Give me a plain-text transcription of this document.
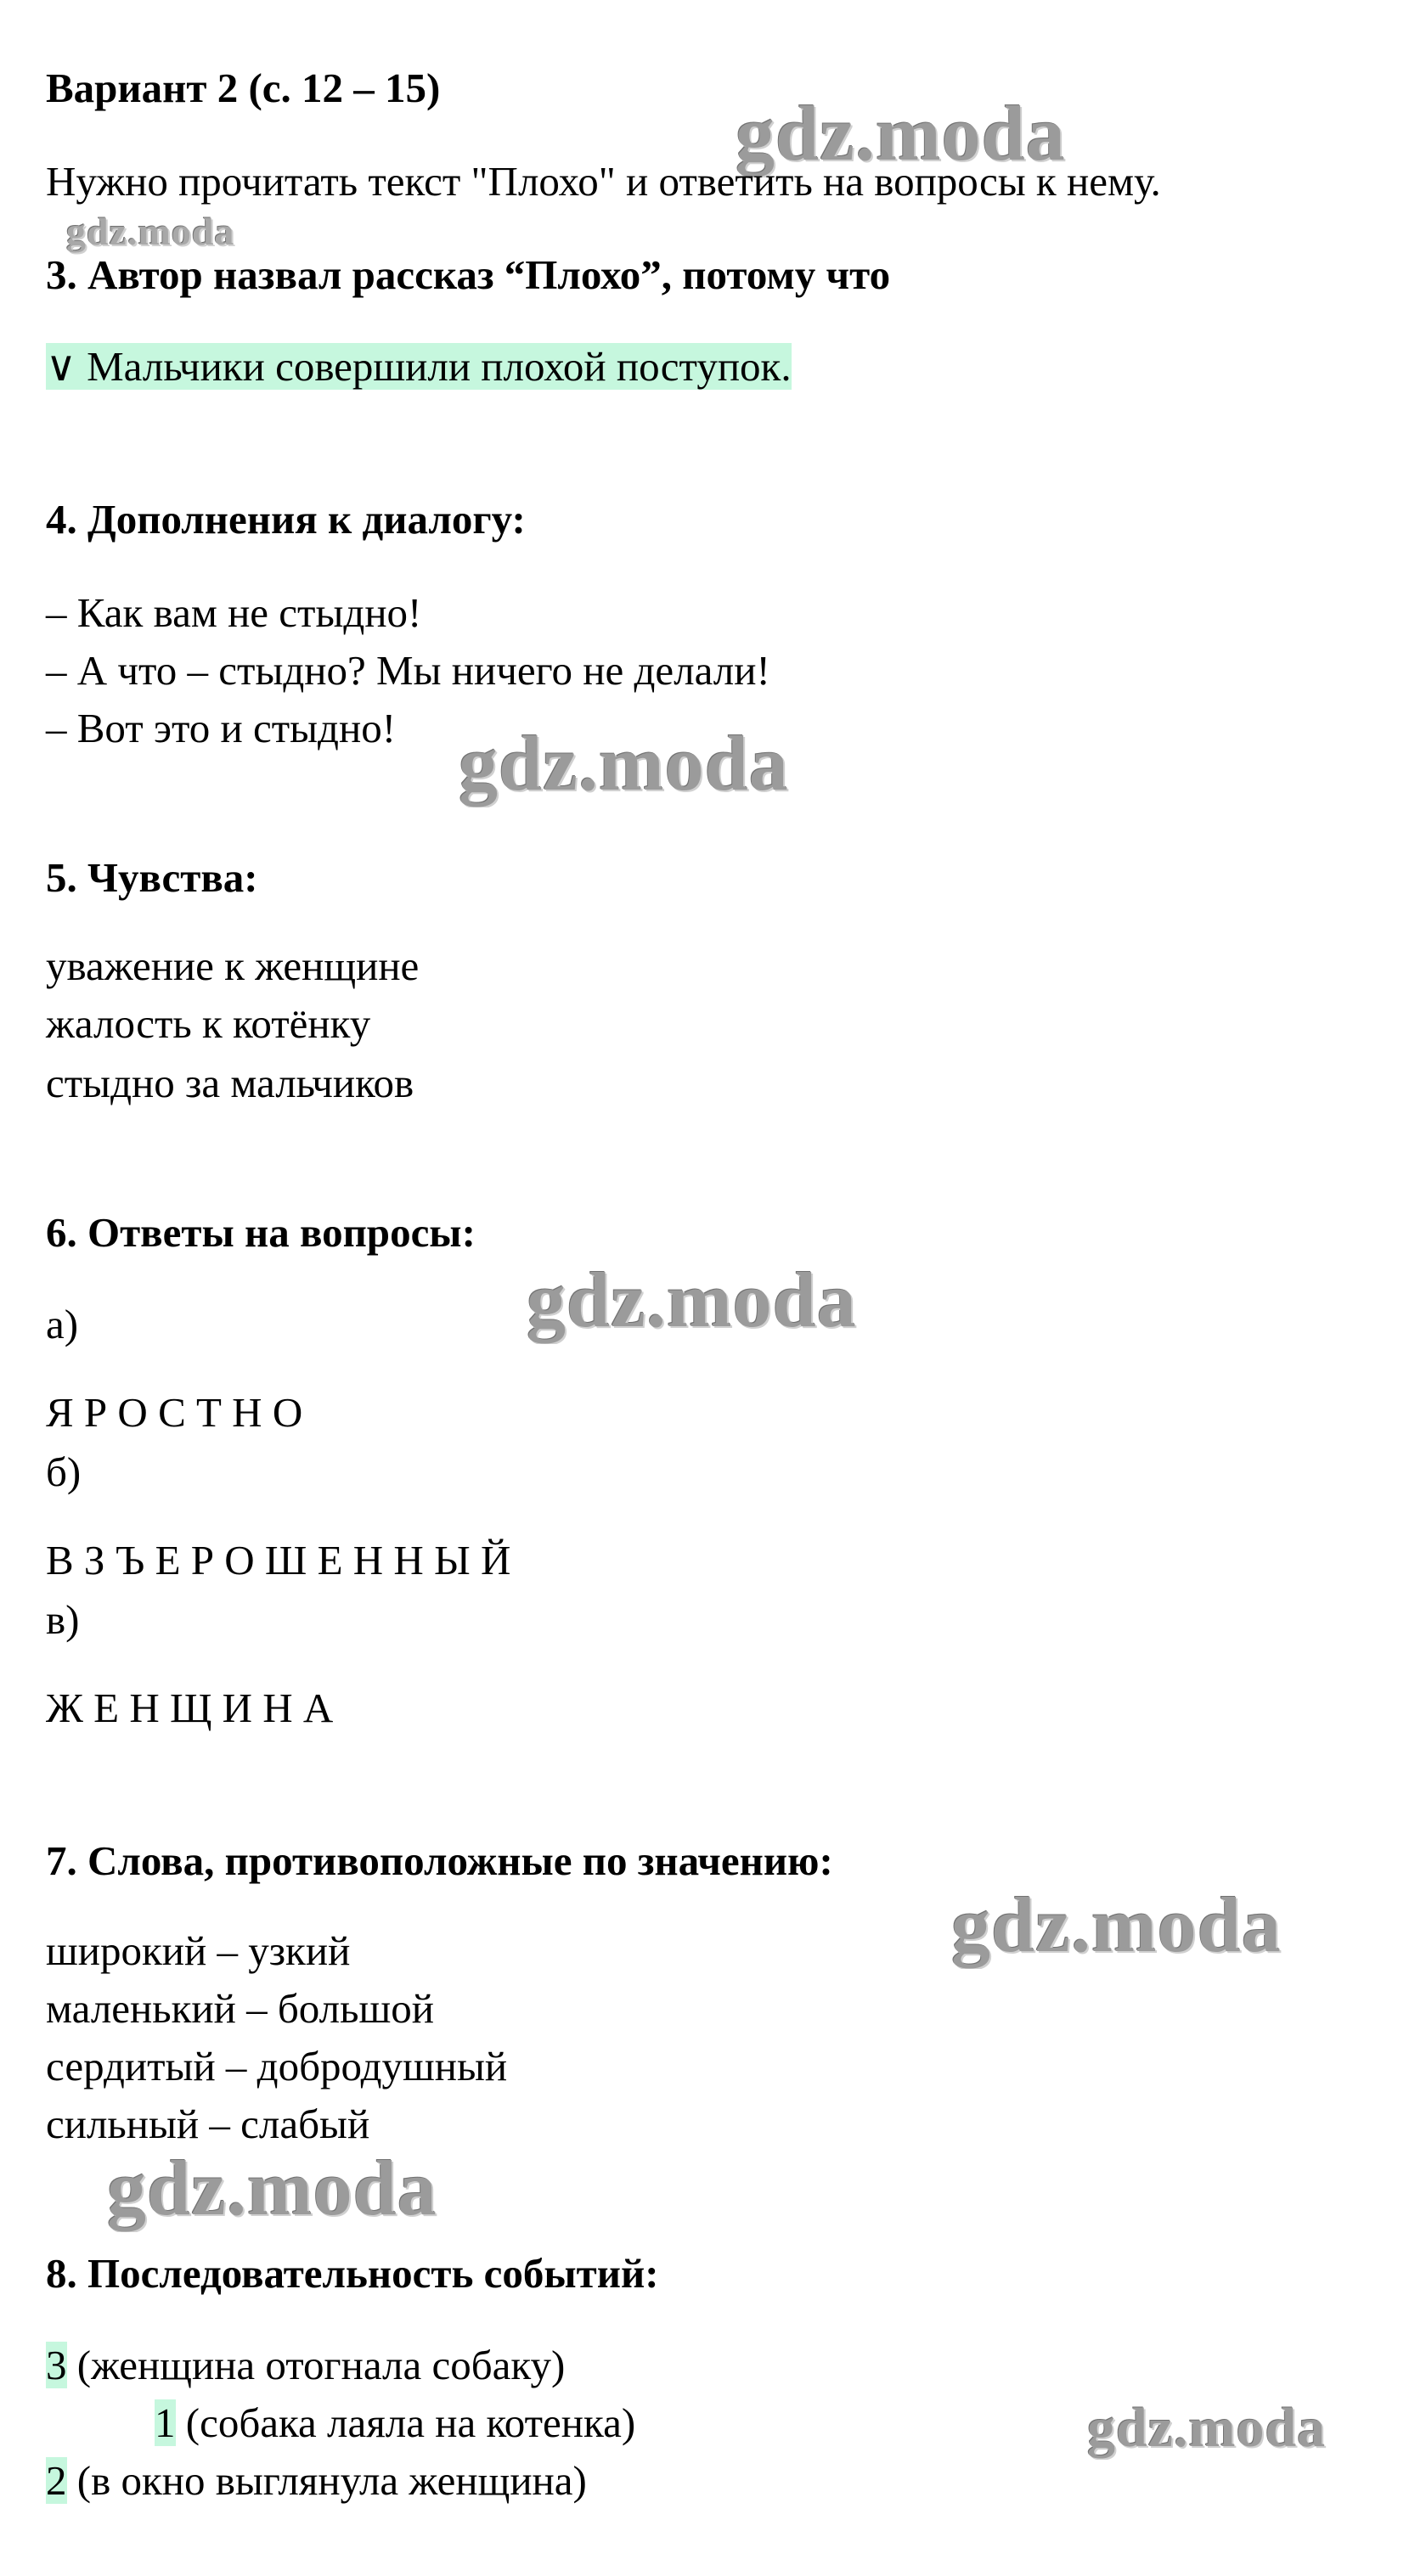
gdz.moda
gdz.moda
gdz.moda
gdz.moda
gdz.moda
gdz.moda
gdz.moda
Вариант 2 (с. 12 – 15)
Нужно прочитать текст "Плохо" и ответить на вопросы к нему.
3. Автор назвал рассказ “Плохо”, потому что
∨ Мальчики совершили плохой поступок.
4. Дополнения к диалогу:
– Как вам не стыдно!
– А что – стыдно? Мы ничего не делали!
– Вот это и стыдно!
5. Чувства:
уважение к женщине
жалость к котёнку
стыдно за мальчиков
6. Ответы на вопросы:
а)
Я Р О С Т Н О
б)
В З Ъ Е Р О Ш Е Н Н Ы Й
в)
Ж Е Н Щ И Н А
7. Слова, противоположные по значению:
широкий – узкий
маленький – большой
сердитый – добродушный
сильный – слабый
8. Последовательность событий:
3 (женщина отогнала собаку)
1 (собака лаяла на котенка)
2 (в окно выглянула женщина)
